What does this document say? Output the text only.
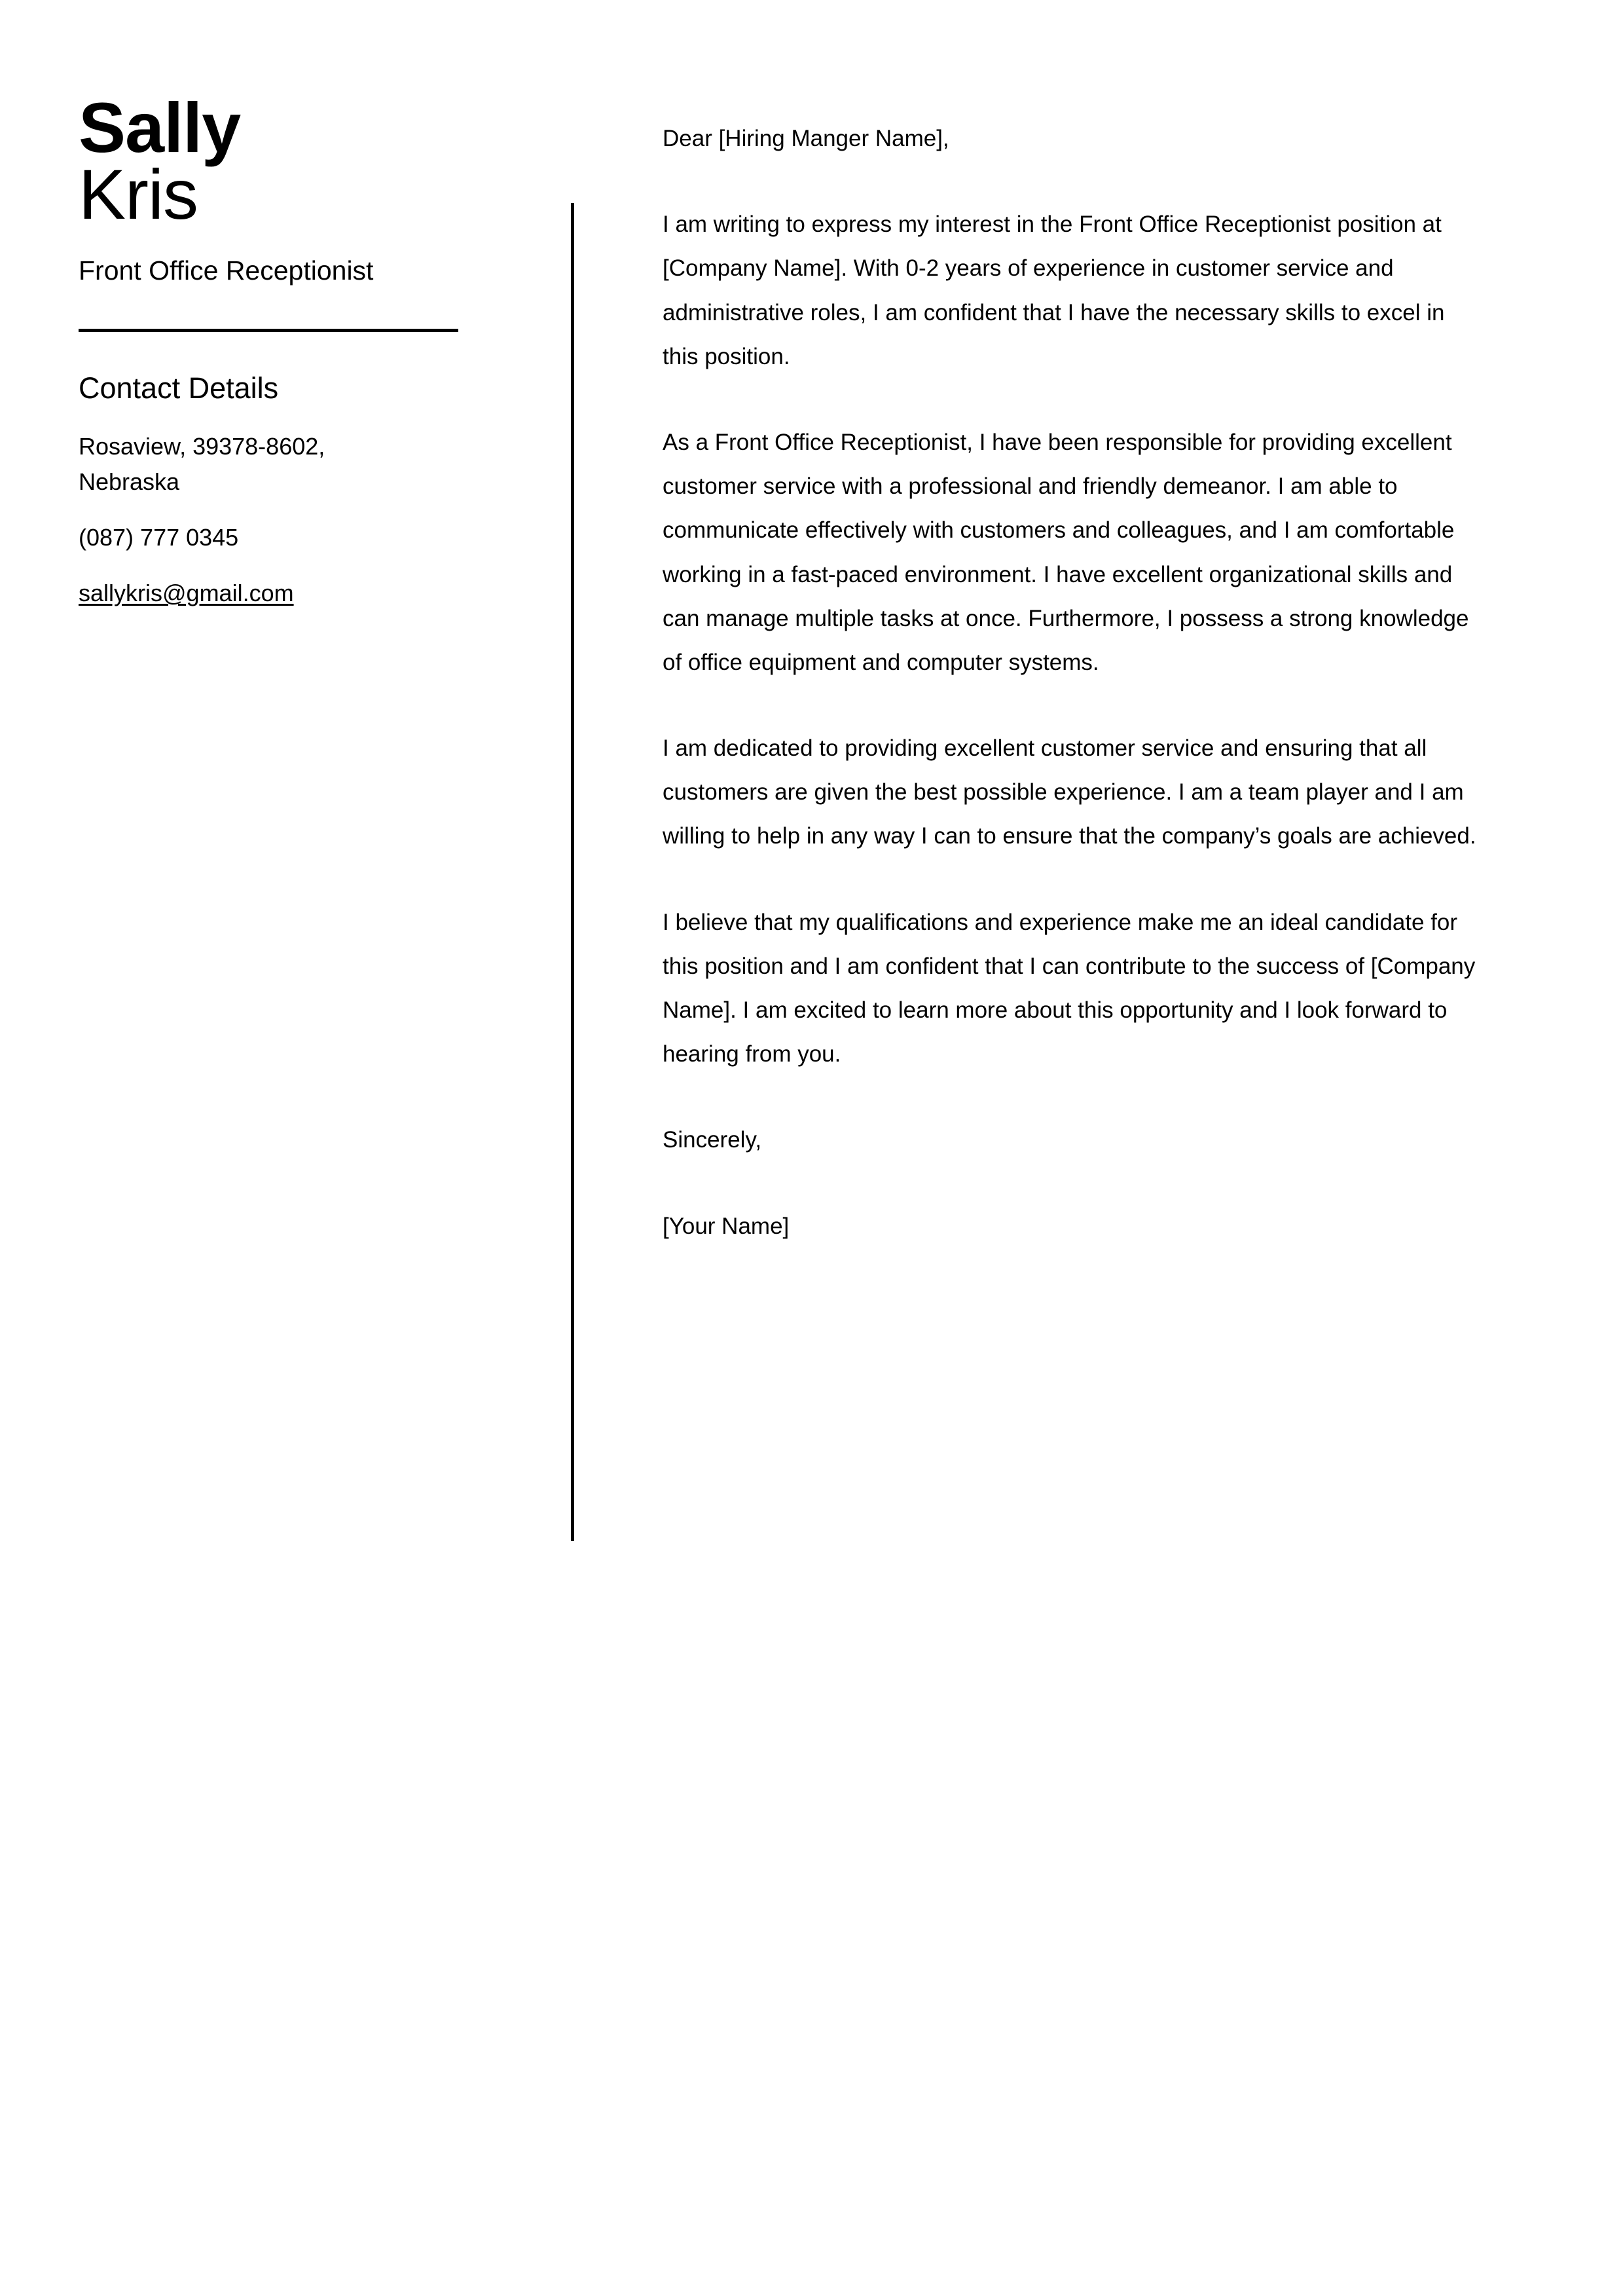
Sally
Kris
Front Office Receptionist
Contact Details
Rosaview, 39378-8602, Nebraska
(087) 777 0345
sallykris@gmail.com

Dear [Hiring Manger Name],

I am writing to express my interest in the Front Office Receptionist position at [Company Name]. With 0-2 years of experience in customer service and administrative roles, I am confident that I have the necessary skills to excel in this position.

As a Front Office Receptionist, I have been responsible for providing excellent customer service with a professional and friendly demeanor. I am able to communicate effectively with customers and colleagues, and I am comfortable working in a fast-paced environment. I have excellent organizational skills and can manage multiple tasks at once. Furthermore, I possess a strong knowledge of office equipment and computer systems.

I am dedicated to providing excellent customer service and ensuring that all customers are given the best possible experience. I am a team player and I am willing to help in any way I can to ensure that the company’s goals are achieved.

I believe that my qualifications and experience make me an ideal candidate for this position and I am confident that I can contribute to the success of [Company Name]. I am excited to learn more about this opportunity and I look forward to hearing from you.

Sincerely,

[Your Name]
